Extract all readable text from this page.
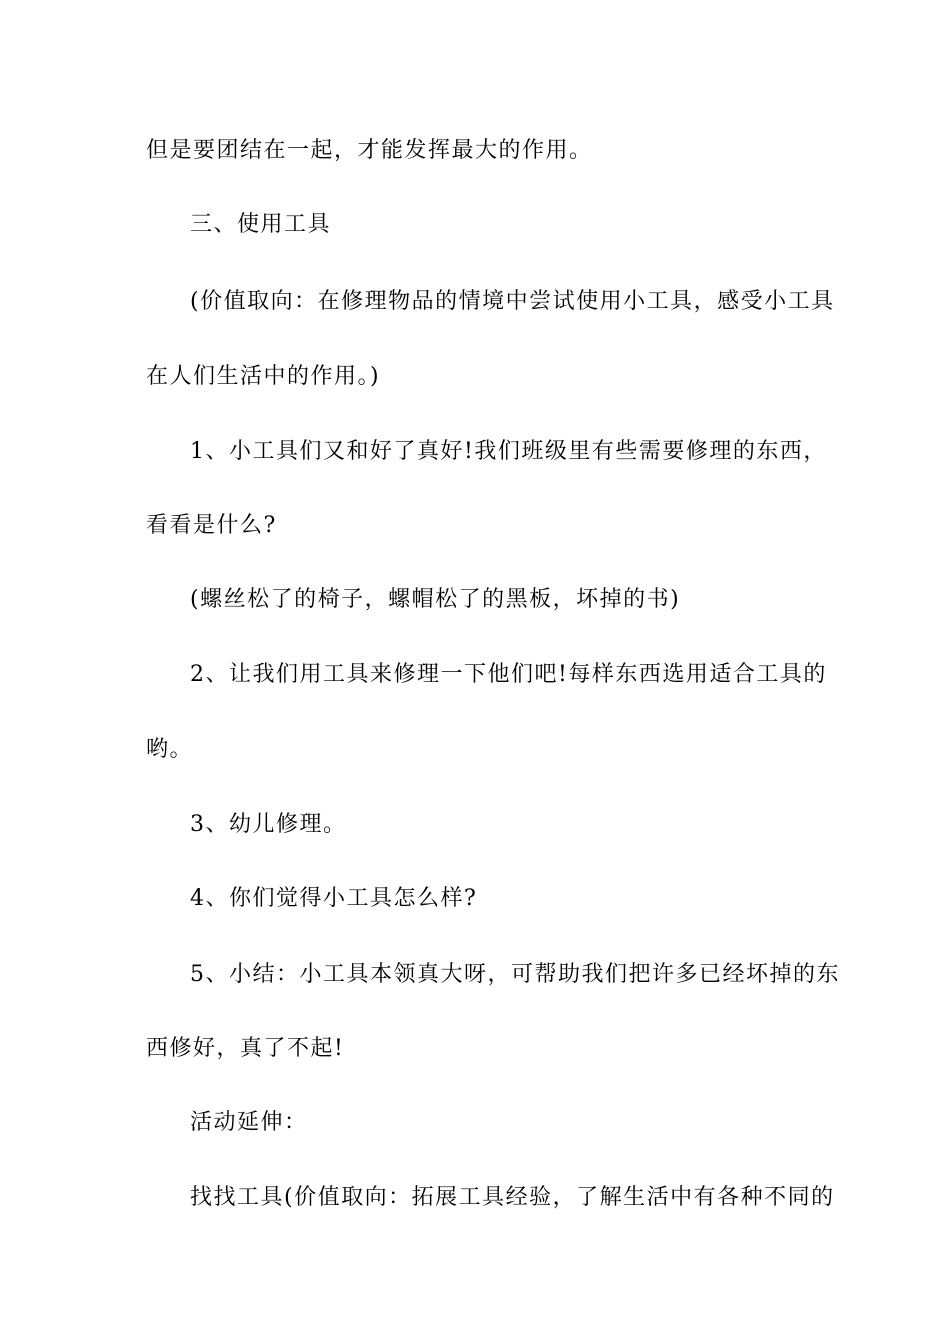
但是要团结在一起，才能发挥最大的作用。
三、使用工具
(价值取向：在修理物品的情境中尝试使用小工具，感受小工具
在人们生活中的作用。)
1、小工具们又和好了真好!我们班级里有些需要修理的东西，
看看是什么?
(螺丝松了的椅子，螺帽松了的黑板，坏掉的书)
2、让我们用工具来修理一下他们吧!每样东西选用适合工具的
哟。
3、幼儿修理。
4、你们觉得小工具怎么样?
5、小结：小工具本领真大呀，可帮助我们把许多已经坏掉的东
西修好，真了不起!
活动延伸：
找找工具(价值取向：拓展工具经验，了解生活中有各种不同的
